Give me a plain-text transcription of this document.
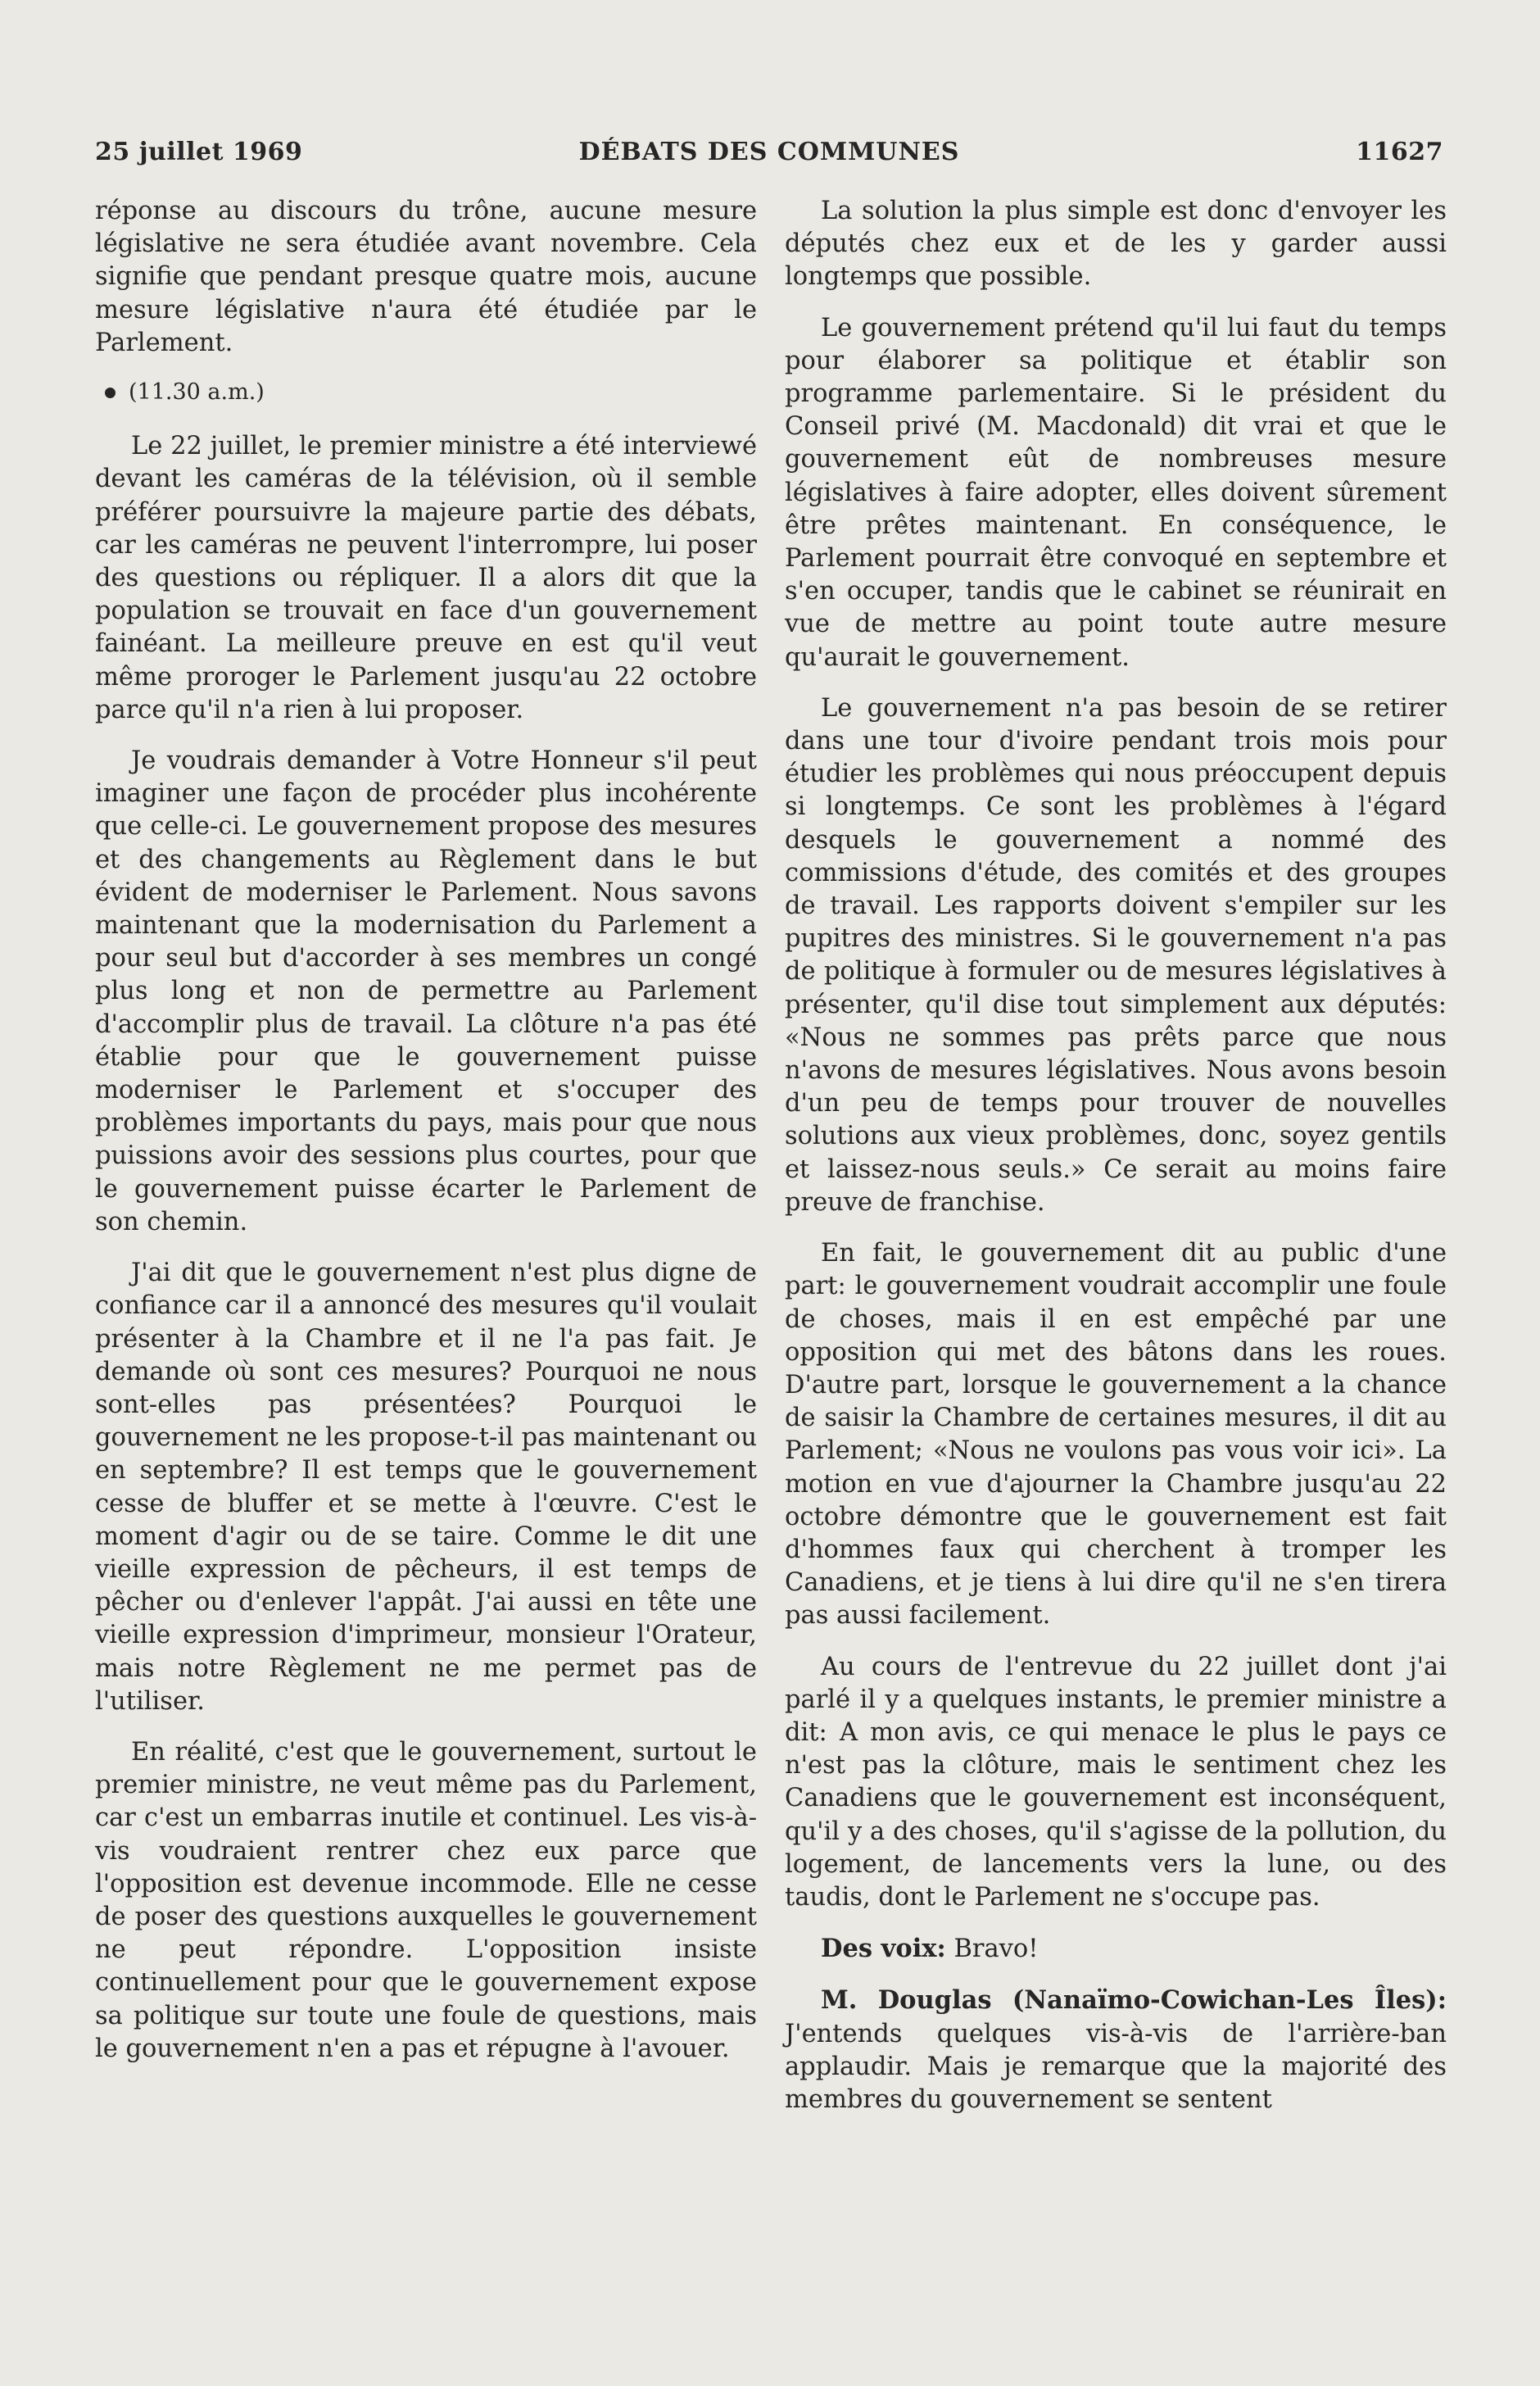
25 juillet 1969	DÉBATS DES COMMUNES	11627

réponse au discours du trône, aucune mesure législative ne sera étudiée avant novembre. Cela signifie que pendant presque quatre mois, aucune mesure législative n'aura été étudiée par le Parlement.

(11.30 a.m.)

Le 22 juillet, le premier ministre a été interviewé devant les caméras de la télévision, où il semble préférer poursuivre la majeure partie des débats, car les caméras ne peuvent l'interrompre, lui poser des questions ou répliquer. Il a alors dit que la population se trouvait en face d'un gouvernement fainéant. La meilleure preuve en est qu'il veut même proroger le Parlement jusqu'au 22 octobre parce qu'il n'a rien à lui proposer.

Je voudrais demander à Votre Honneur s'il peut imaginer une façon de procéder plus incohérente que celle-ci. Le gouvernement propose des mesures et des changements au Règlement dans le but évident de moderniser le Parlement. Nous savons maintenant que la modernisation du Parlement a pour seul but d'accorder à ses membres un congé plus long et non de permettre au Parlement d'accomplir plus de travail. La clôture n'a pas été établie pour que le gouvernement puisse moderniser le Parlement et s'occuper des problèmes importants du pays, mais pour que nous puissions avoir des sessions plus courtes, pour que le gouvernement puisse écarter le Parlement de son chemin.

J'ai dit que le gouvernement n'est plus digne de confiance car il a annoncé des mesures qu'il voulait présenter à la Chambre et il ne l'a pas fait. Je demande où sont ces mesures? Pourquoi ne nous sont-elles pas présentées? Pourquoi le gouvernement ne les propose-t-il pas maintenant ou en septembre? Il est temps que le gouvernement cesse de bluffer et se mette à l'œuvre. C'est le moment d'agir ou de se taire. Comme le dit une vieille expression de pêcheurs, il est temps de pêcher ou d'enlever l'appât. J'ai aussi en tête une vieille expression d'imprimeur, monsieur l'Orateur, mais notre Règlement ne me permet pas de l'utiliser.

En réalité, c'est que le gouvernement, surtout le premier ministre, ne veut même pas du Parlement, car c'est un embarras inutile et continuel. Les vis-à-vis voudraient rentrer chez eux parce que l'opposition est devenue incommode. Elle ne cesse de poser des questions auxquelles le gouvernement ne peut répondre. L'opposition insiste continuellement pour que le gouvernement expose sa politique sur toute une foule de questions, mais le gouvernement n'en a pas et répugne à l'avouer.

La solution la plus simple est donc d'envoyer les députés chez eux et de les y garder aussi longtemps que possible.

Le gouvernement prétend qu'il lui faut du temps pour élaborer sa politique et établir son programme parlementaire. Si le président du Conseil privé (M. Macdonald) dit vrai et que le gouvernement eût de nombreuses mesure législatives à faire adopter, elles doivent sûrement être prêtes maintenant. En conséquence, le Parlement pourrait être convoqué en septembre et s'en occuper, tandis que le cabinet se réunirait en vue de mettre au point toute autre mesure qu'aurait le gouvernement.

Le gouvernement n'a pas besoin de se retirer dans une tour d'ivoire pendant trois mois pour étudier les problèmes qui nous préoccupent depuis si longtemps. Ce sont les problèmes à l'égard desquels le gouvernement a nommé des commissions d'étude, des comités et des groupes de travail. Les rapports doivent s'empiler sur les pupitres des ministres. Si le gouvernement n'a pas de politique à formuler ou de mesures législatives à présenter, qu'il dise tout simplement aux députés: «Nous ne sommes pas prêts parce que nous n'avons de mesures législatives. Nous avons besoin d'un peu de temps pour trouver de nouvelles solutions aux vieux problèmes, donc, soyez gentils et laissez-nous seuls.» Ce serait au moins faire preuve de franchise.

En fait, le gouvernement dit au public d'une part: le gouvernement voudrait accomplir une foule de choses, mais il en est empêché par une opposition qui met des bâtons dans les roues. D'autre part, lorsque le gouvernement a la chance de saisir la Chambre de certaines mesures, il dit au Parlement; «Nous ne voulons pas vous voir ici». La motion en vue d'ajourner la Chambre jusqu'au 22 octobre démontre que le gouvernement est fait d'hommes faux qui cherchent à tromper les Canadiens, et je tiens à lui dire qu'il ne s'en tirera pas aussi facilement.

Au cours de l'entrevue du 22 juillet dont j'ai parlé il y a quelques instants, le premier ministre a dit: A mon avis, ce qui menace le plus le pays ce n'est pas la clôture, mais le sentiment chez les Canadiens que le gouvernement est inconséquent, qu'il y a des choses, qu'il s'agisse de la pollution, du logement, de lancements vers la lune, ou des taudis, dont le Parlement ne s'occupe pas.

Des voix: Bravo!

M. Douglas (Nanaïmo-Cowichan-Les Îles): J'entends quelques vis-à-vis de l'arrière-ban applaudir. Mais je remarque que la majorité des membres du gouvernement se sentent
